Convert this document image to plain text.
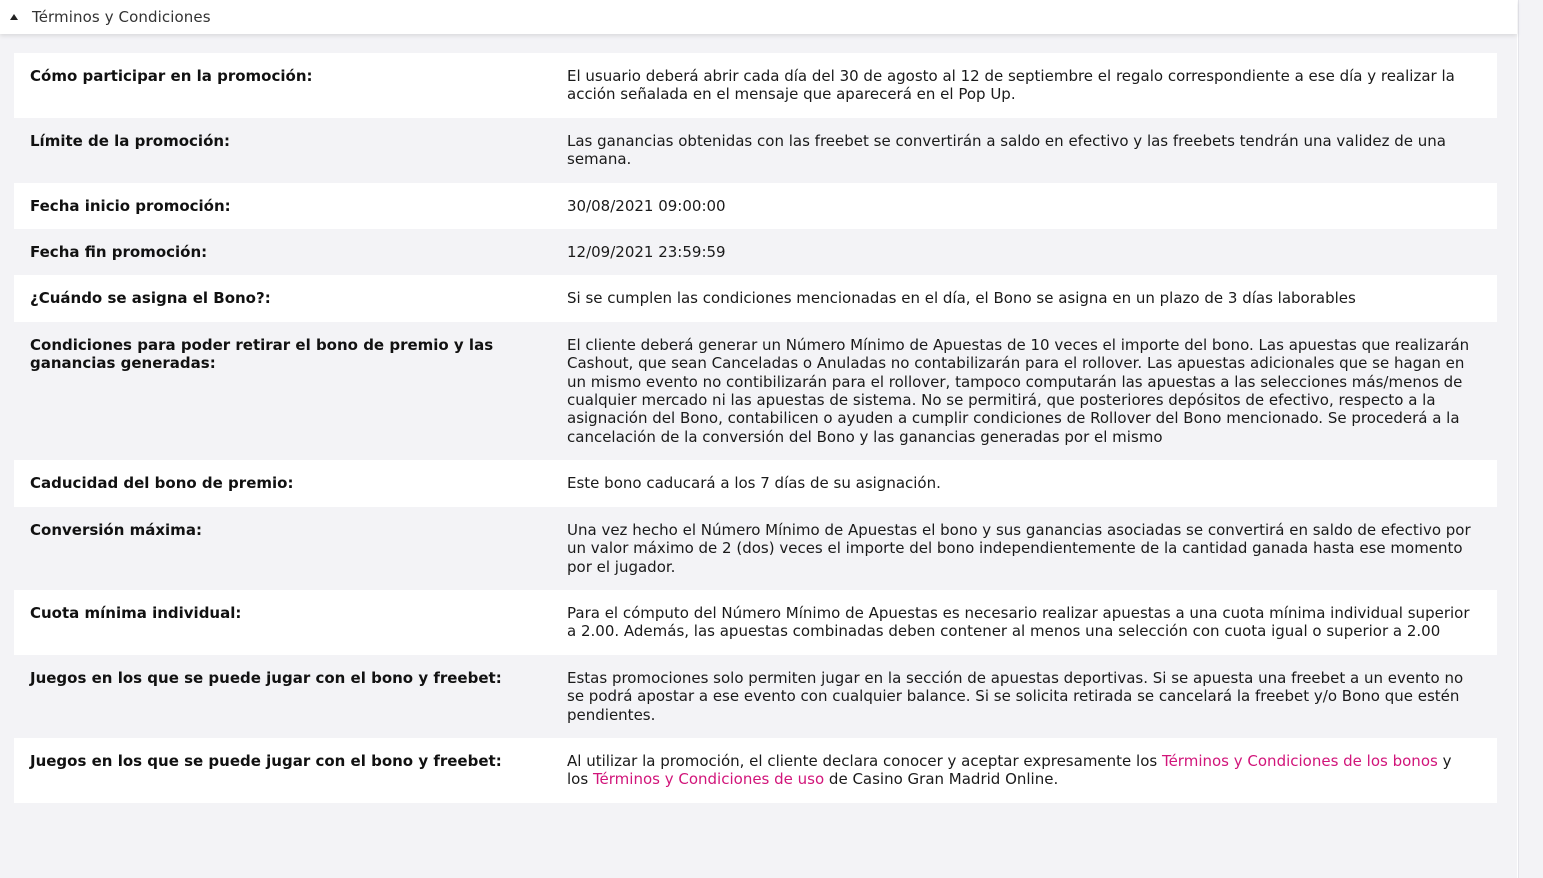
Términos y Condiciones
Cómo participar en la promoción:	El usuario deberá abrir cada día del 30 de agosto al 12 de septiembre el regalo correspondiente a ese día y realizar la acción señalada en el mensaje que aparecerá en el Pop Up.
Límite de la promoción:	Las ganancias obtenidas con las freebet se convertirán a saldo en efectivo y las freebets tendrán una validez de una semana.
Fecha inicio promoción:	30/08/2021 09:00:00
Fecha fin promoción:	12/09/2021 23:59:59
¿Cuándo se asigna el Bono?:	Si se cumplen las condiciones mencionadas en el día, el Bono se asigna en un plazo de 3 días laborables
Condiciones para poder retirar el bono de premio y las ganancias generadas:	El cliente deberá generar un Número Mínimo de Apuestas de 10 veces el importe del bono. Las apuestas que realizarán Cashout, que sean Canceladas o Anuladas no contabilizarán para el rollover. Las apuestas adicionales que se hagan en un mismo evento no contibilizarán para el rollover, tampoco computarán las apuestas a las selecciones más/menos de cualquier mercado ni las apuestas de sistema. No se permitirá, que posteriores depósitos de efectivo, respecto a la asignación del Bono, contabilicen o ayuden a cumplir condiciones de Rollover del Bono mencionado. Se procederá a la cancelación de la conversión del Bono y las ganancias generadas por el mismo
Caducidad del bono de premio:	Este bono caducará a los 7 días de su asignación.
Conversión máxima:	Una vez hecho el Número Mínimo de Apuestas el bono y sus ganancias asociadas se convertirá en saldo de efectivo por un valor máximo de 2 (dos) veces el importe del bono independientemente de la cantidad ganada hasta ese momento por el jugador.
Cuota mínima individual:	Para el cómputo del Número Mínimo de Apuestas es necesario realizar apuestas a una cuota mínima individual superior a 2.00. Además, las apuestas combinadas deben contener al menos una selección con cuota igual o superior a 2.00
Juegos en los que se puede jugar con el bono y freebet:	Estas promociones solo permiten jugar en la sección de apuestas deportivas. Si se apuesta una freebet a un evento no se podrá apostar a ese evento con cualquier balance. Si se solicita retirada se cancelará la freebet y/o Bono que estén pendientes.
Juegos en los que se puede jugar con el bono y freebet:	Al utilizar la promoción, el cliente declara conocer y aceptar expresamente los Términos y Condiciones de los bonos y los Términos y Condiciones de uso de Casino Gran Madrid Online.
